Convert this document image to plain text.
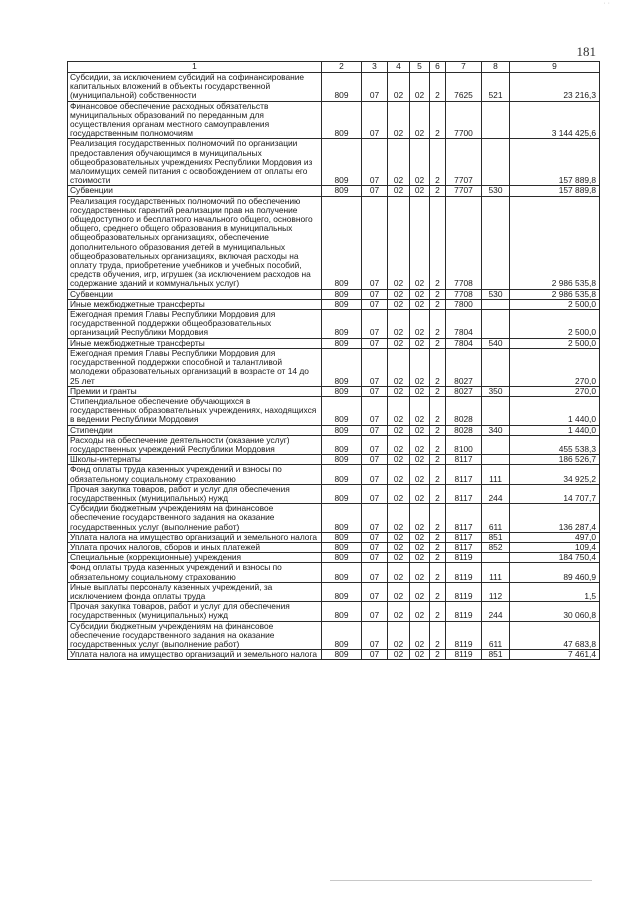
· ·
181
1	2	3	4	5	6	7	8	9
Субсидии, за исключением субсидий на софинансирование капитальных вложений в объекты государственной (муниципальной) собственности	809	07	02	02	2	7625	521	23 216,3
Финансовое обеспечение расходных обязательств муниципальных образований по переданным для осуществления органам местного самоуправления государственным полномочиям	809	07	02	02	2	7700		3 144 425,6
Реализация государственных полномочий по организации предоставления обучающимся в муниципальных общеобразовательных учреждениях Республики Мордовия из малоимущих семей питания с освобождением от оплаты его стоимости	809	07	02	02	2	7707		157 889,8
Субвенции	809	07	02	02	2	7707	530	157 889,8
Реализация государственных полномочий по обеспечению государственных гарантий реализации прав на получение общедоступного и бесплатного начального общего, основного общего, среднего общего образования в муниципальных общеобразовательных организациях, обеспечение дополнительного образования детей в муниципальных общеобразовательных организациях, включая расходы на оплату труда, приобретение учебников и учебных пособий, средств обучения, игр, игрушек (за исключением расходов на содержание зданий и коммунальных услуг)	809	07	02	02	2	7708		2 986 535,8
Субвенции	809	07	02	02	2	7708	530	2 986 535,8
Иные межбюджетные трансферты	809	07	02	02	2	7800		2 500,0
Ежегодная премия Главы Республики Мордовия для государственной поддержки общеобразовательных организаций Республики Мордовия	809	07	02	02	2	7804		2 500,0
Иные межбюджетные трансферты	809	07	02	02	2	7804	540	2 500,0
Ежегодная премия Главы Республики Мордовия для государственной поддержки способной и талантливой молодежи образовательных организаций в возрасте от 14 до 25 лет	809	07	02	02	2	8027		270,0
Премии и гранты	809	07	02	02	2	8027	350	270,0
Стипендиальное обеспечение обучающихся в государственных образовательных учреждениях, находящихся в ведении Республики Мордовия	809	07	02	02	2	8028		1 440,0
Стипендии	809	07	02	02	2	8028	340	1 440,0
Расходы на обеспечение деятельности (оказание услуг) государственных учреждений Республики Мордовия	809	07	02	02	2	8100		455 538,3
Школы-интернаты	809	07	02	02	2	8117		186 526,7
Фонд оплаты труда казенных учреждений и взносы по обязательному социальному страхованию	809	07	02	02	2	8117	111	34 925,2
Прочая закупка товаров, работ и услуг для обеспечения государственных (муниципальных) нужд	809	07	02	02	2	8117	244	14 707,7
Субсидии бюджетным учреждениям на финансовое обеспечение государственного задания на оказание государственных услуг (выполнение работ)	809	07	02	02	2	8117	611	136 287,4
Уплата налога на имущество организаций и земельного налога	809	07	02	02	2	8117	851	497,0
Уплата прочих налогов, сборов и иных платежей	809	07	02	02	2	8117	852	109,4
Специальные (коррекционные) учреждения	809	07	02	02	2	8119		184 750,4
Фонд оплаты труда казенных учреждений и взносы по обязательному социальному страхованию	809	07	02	02	2	8119	111	89 460,9
Иные выплаты персоналу казенных учреждений, за исключением фонда оплаты труда	809	07	02	02	2	8119	112	1,5
Прочая закупка товаров, работ и услуг для обеспечения государственных (муниципальных) нужд	809	07	02	02	2	8119	244	30 060,8
Субсидии бюджетным учреждениям на финансовое обеспечение государственного задания на оказание государственных услуг (выполнение работ)	809	07	02	02	2	8119	611	47 683,8
Уплата налога на имущество организаций и земельного налога	809	07	02	02	2	8119	851	7 461,4
